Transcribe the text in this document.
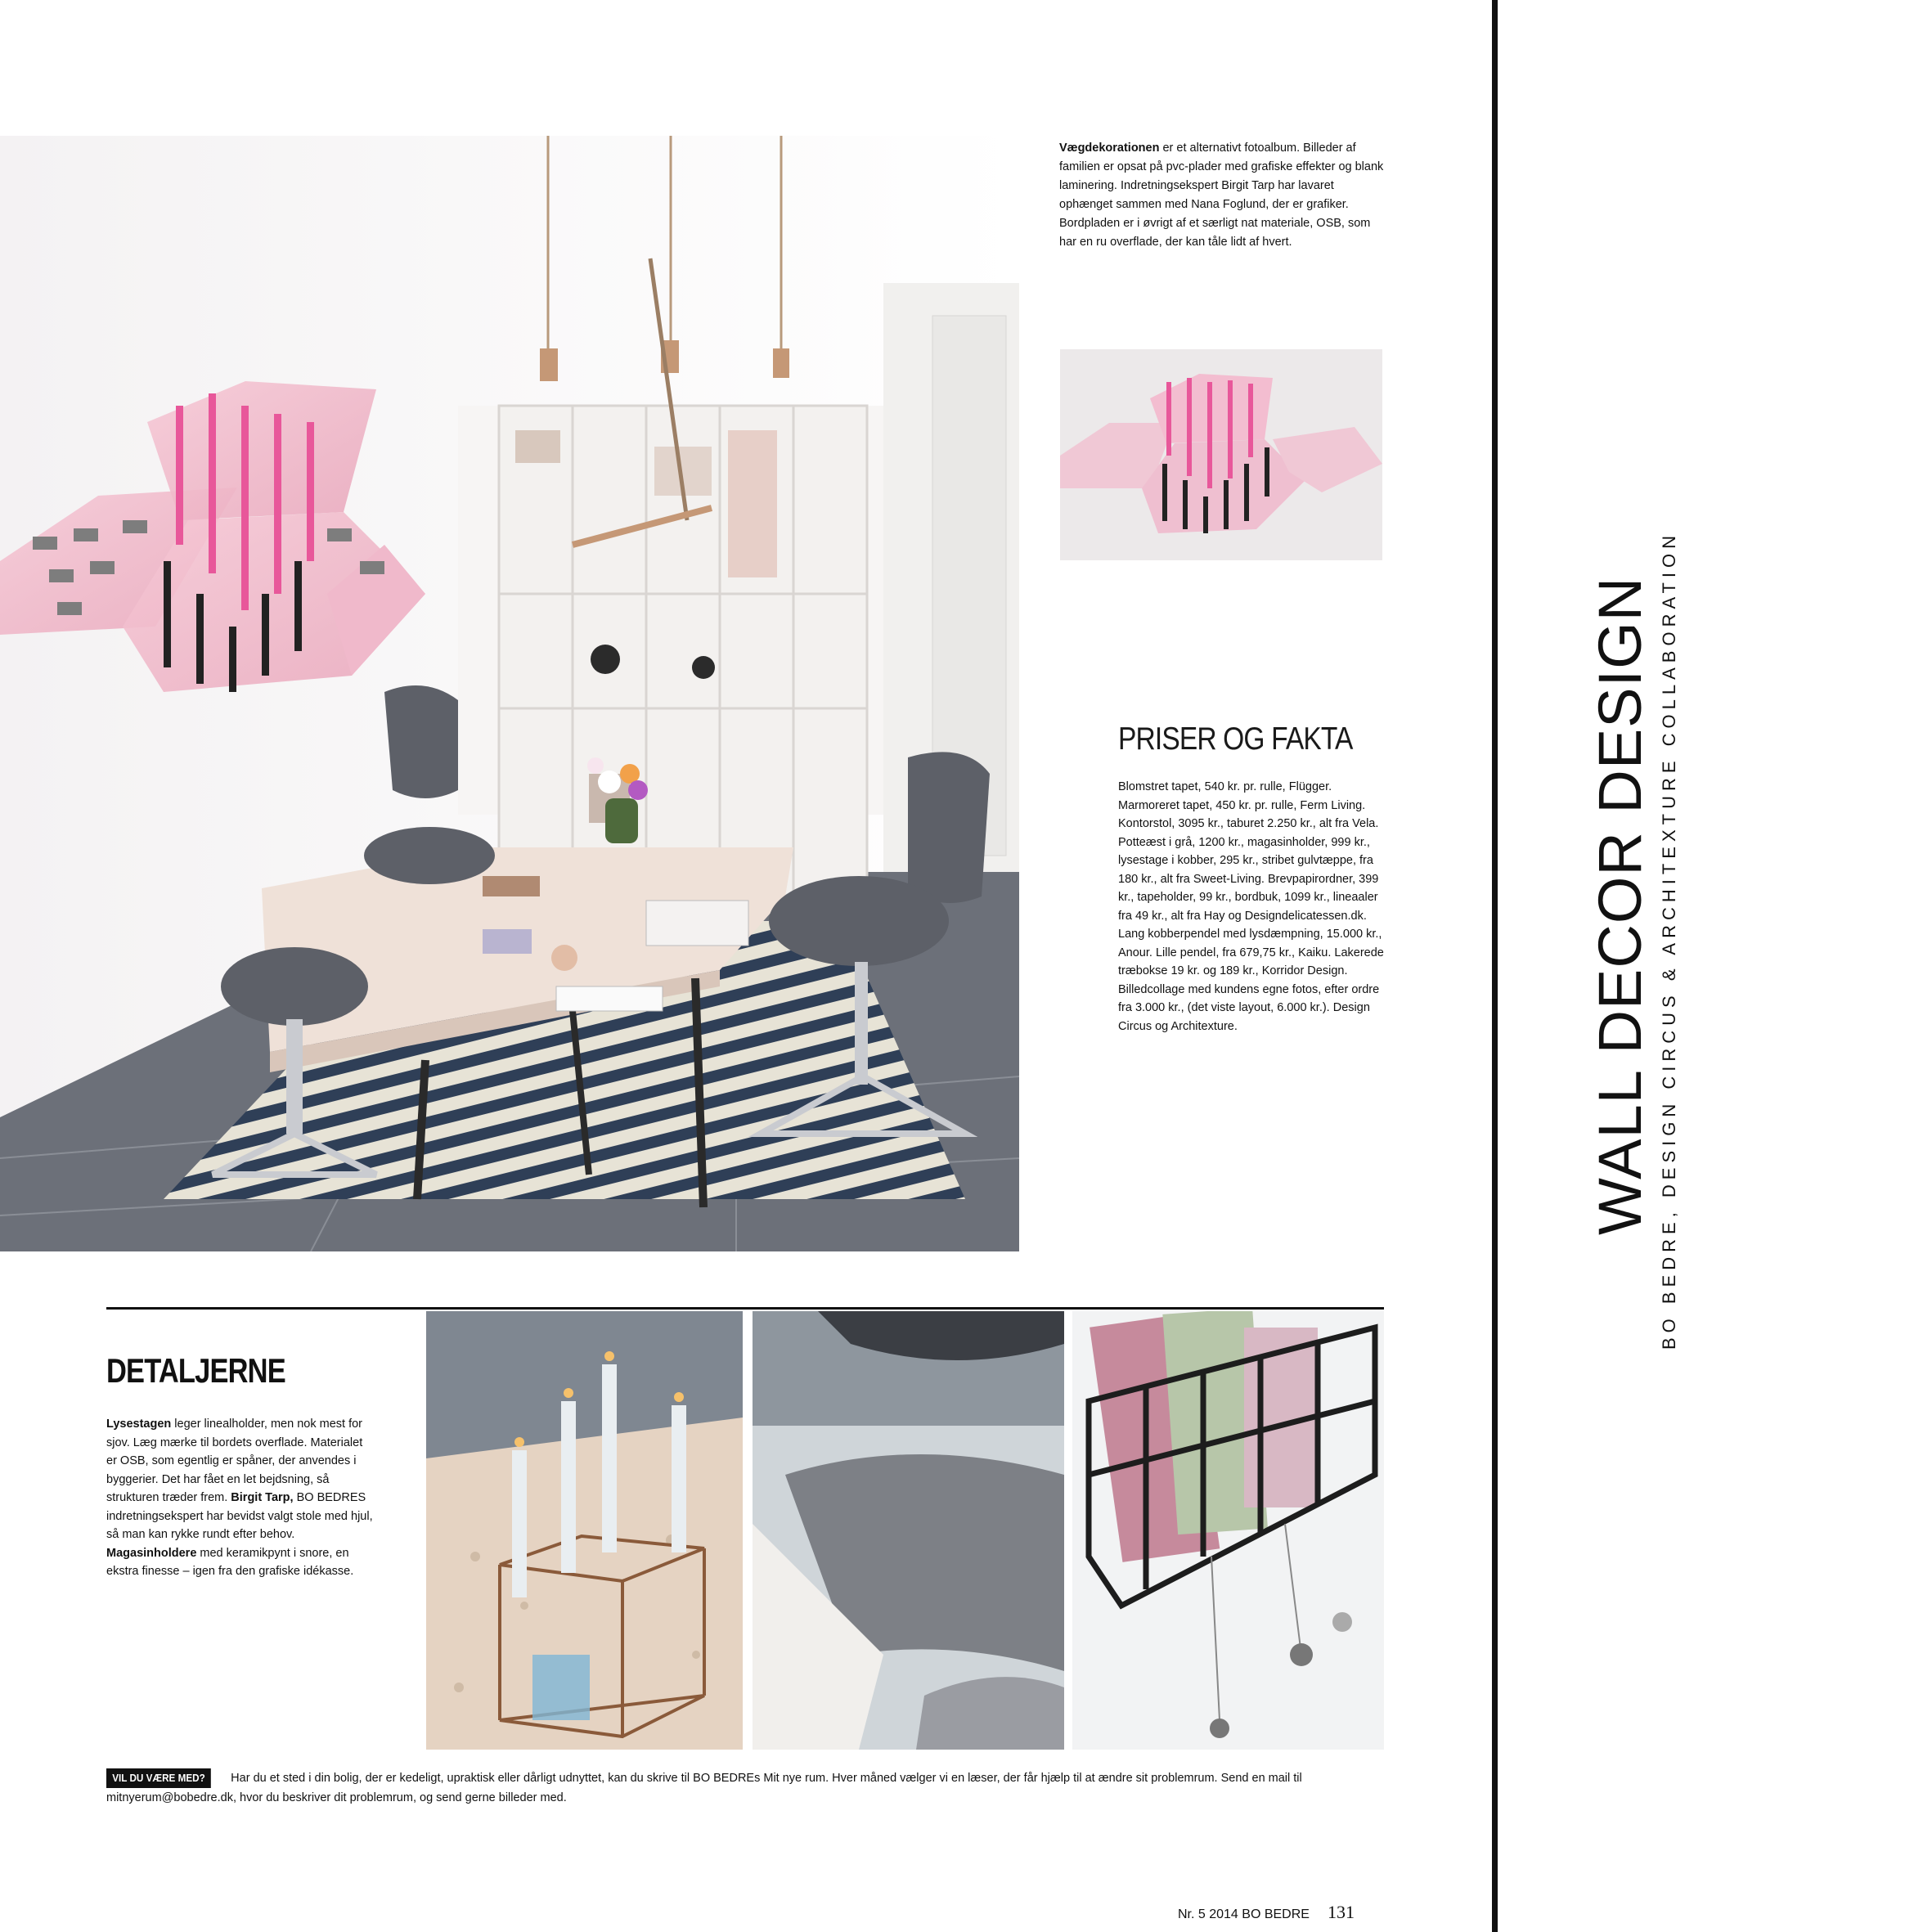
Vægdekorationen er et alternativt fotoalbum. Billeder af familien er opsat på pvc-plader med grafiske effekter og blank laminering. Indretningsekspert Birgit Tarp har lavaret ophænget sammen med Nana Foglund, der er grafiker. Bordpladen er i øvrigt af et særligt nat materiale, OSB, som har en ru overflade, der kan tåle lidt af hvert.
PRISER OG FAKTA
Blomstret tapet, 540 kr. pr. rulle, Flügger. Marmoreret tapet, 450 kr. pr. rulle, Ferm Living. Kontorstol, 3095 kr., taburet 2.250 kr., alt fra Vela. Potteæst i grå, 1200 kr., magasinholder, 999 kr., lysestage i kobber, 295 kr., stribet gulvtæppe, fra 180 kr., alt fra Sweet-Living. Brevpapirordner, 399 kr., tapeholder, 99 kr., bordbuk, 1099 kr., lineaaler fra 49 kr., alt fra Hay og Designdelicatessen.dk. Lang kobberpendel med lysdæmpning, 15.000 kr., Anour. Lille pendel, fra 679,75 kr., Kaiku. Lakerede træbokse 19 kr. og 189 kr., Korridor Design. Billedcollage med kundens egne fotos, efter ordre fra 3.000 kr., (det viste layout, 6.000 kr.). Design Circus og Architexture.
DETALJERNE
Lysestagen leger linealholder, men nok mest for sjov. Læg mærke til bordets overflade. Materialet er OSB, som egentlig er spåner, der anvendes i byggerier. Det har fået en let bejdsning, så strukturen træder frem. Birgit Tarp, BO BEDRES indretningsekspert har bevidst valgt stole med hjul, så man kan rykke rundt efter behov. Magasinholdere med keramikpynt i snore, en ekstra finesse – igen fra den grafiske idékasse.
VIL DU VÆRE MED? Har du et sted i din bolig, der er kedeligt, upraktisk eller dårligt udnyttet, kan du skrive til BO BEDREs Mit nye rum. Hver måned vælger vi en læser, der får hjælp til at ændre sit problemrum. Send en mail til mitnyerum@bobedre.dk, hvor du beskriver dit problemrum, og send gerne billeder med.
Nr. 5 2014 BO BEDRE 131
WALL DECOR DESIGN BO BEDRE, DESIGN CIRCUS & ARCHITEXTURE COLLABORATION
